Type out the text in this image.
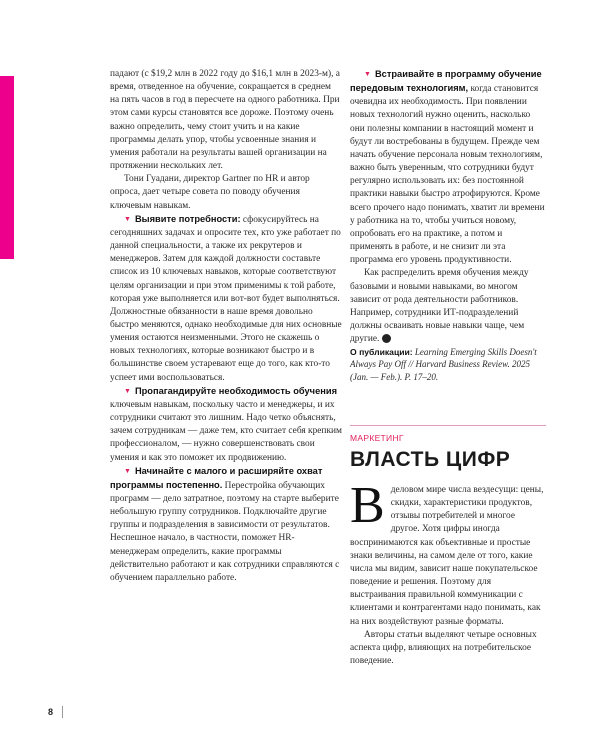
падают (с $19,2 млн в 2022 году до $16,1 млн в 2023-м), а время, отведенное на обучение, сокращается в среднем на пять часов в год в пересчете на одного работника. При этом сами курсы становятся все дороже. Поэтому очень важно определить, чему стоит учить и на какие программы делать упор, чтобы усвоенные знания и умения работали на результаты вашей организации на протяжении нескольких лет.

Тони Гуадани, директор Gartner по HR и автор опроса, дает четыре совета по поводу обучения ключевым навыкам.

▼ Выявите потребности: сфокусируйтесь на сегодняшних задачах и опросите тех, кто уже работает по данной специальности, а также их рекрутеров и менеджеров. Затем для каждой должности составьте список из 10 ключевых навыков, которые соответствуют целям организации и при этом применимы к той работе, которая уже выполняется или вот-вот будет выполняться. Должностные обязанности в наше время довольно быстро меняются, однако необходимые для них основные умения остаются неизменными. Этого не скажешь о новых технологиях, которые возникают быстро и в большинстве своем устаревают еще до того, как кто-то успеет ими воспользоваться.

▼ Пропагандируйте необходимость обучения ключевым навыкам, поскольку часто и менеджеры, и их сотрудники считают это лишним. Надо четко объяснять, зачем сотрудникам — даже тем, кто считает себя крепким профессионалом, — нужно совершенствовать свои умения и как это поможет их продвижению.

▼ Начинайте с малого и расширяйте охват программы постепенно. Перестройка обучающих программ — дело затратное, поэтому на старте выберите небольшую группу сотрудников. Подключайте другие группы и подразделения в зависимости от результатов. Неспешное начало, в частности, поможет HR-менеджерам определить, какие программы действительно работают и как сотрудники справляются с обучением параллельно работе.

▼ Встраивайте в программу обучение передовым технологиям, когда становится очевидна их необходимость. При появлении новых технологий нужно оценить, насколько они полезны компании в настоящий момент и будут ли востребованы в будущем. Прежде чем начать обучение персонала новым технологиям, важно быть уверенным, что сотрудники будут регулярно использовать их: без постоянной практики навыки быстро атрофируются. Кроме всего прочего надо понимать, хватит ли времени у работника на то, чтобы учиться новому, опробовать его на практике, а потом и применять в работе, и не снизит ли эта программа его уровень продуктивности.

Как распределить время обучения между базовыми и новыми навыками, во многом зависит от рода деятельности работников. Например, сотрудники ИТ-подразделений должны осваивать новые навыки чаще, чем другие. ✓

О публикации: Learning Emerging Skills Doesn't Always Pay Off // Harvard Business Review. 2025 (Jan. — Feb.). P. 17–20.

МАРКЕТИНГ
ВЛАСТЬ ЦИФР

Вделовом мире числа вездесущи: цены, скидки, характеристики продуктов, отзывы потребителей и многое другое. Хотя цифры иногда воспринимаются как объективные и простые знаки величины, на самом деле от того, какие числа мы видим, зависит наше покупательское поведение и решения. Поэтому для выстраивания правильной коммуникации с клиентами и контрагентами надо понимать, как на них воздействуют разные форматы.

Авторы статьи выделяют четыре основных аспекта цифр, влияющих на потребительское поведение.

8
